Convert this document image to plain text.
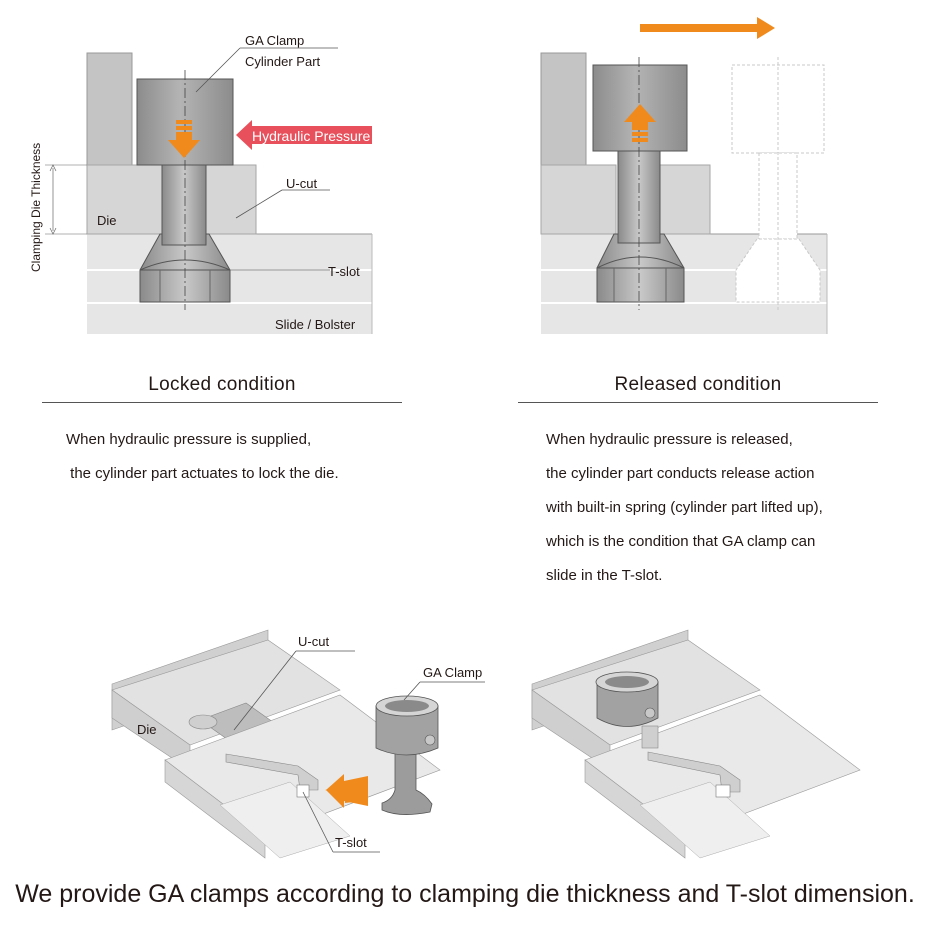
Hydraulic Pressure
GA Clamp
Cylinder Part
U-cut
Die
T-slot
Slide / Bolster
Clamping Die Thickness
Locked condition
When hydraulic pressure is supplied,
the cylinder part actuates to lock the die.
Released condition
When hydraulic pressure is released,
the cylinder part conducts release action
with built-in spring (cylinder part lifted up),
which is the condition that GA clamp can
slide in the T-slot.
U-cut
GA Clamp
Die
T-slot
We provide GA clamps according to clamping die thickness and T-slot dimension.
